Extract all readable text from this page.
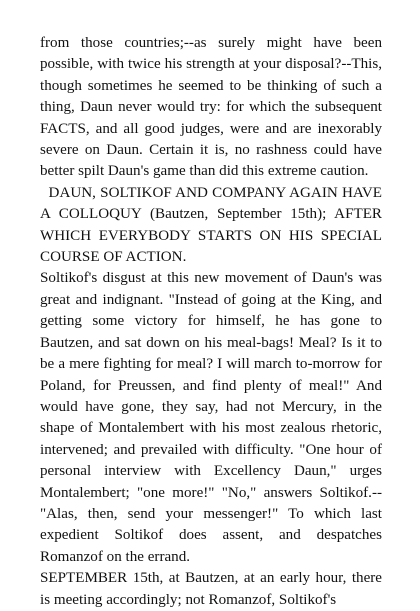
from those countries;--as surely might have been possible, with twice his strength at your disposal?--This, though sometimes he seemed to be thinking of such a thing, Daun never would try: for which the subsequent FACTS, and all good judges, were and are inexorably severe on Daun. Certain it is, no rashness could have better spilt Daun's game than did this extreme caution.

DAUN, SOLTIKOF AND COMPANY AGAIN HAVE A COLLOQUY (Bautzen, September 15th); AFTER WHICH EVERYBODY STARTS ON HIS SPECIAL COURSE OF ACTION.

Soltikof's disgust at this new movement of Daun's was great and indignant. "Instead of going at the King, and getting some victory for himself, he has gone to Bautzen, and sat down on his meal-bags! Meal? Is it to be a mere fighting for meal? I will march to-morrow for Poland, for Preussen, and find plenty of meal!" And would have gone, they say, had not Mercury, in the shape of Montalembert with his most zealous rhetoric, intervened; and prevailed with difficulty. "One hour of personal interview with Excellency Daun," urges Montalembert; "one more!" "No," answers Soltikof.--"Alas, then, send your messenger!" To which last expedient Soltikof does assent, and despatches Romanzof on the errand.

SEPTEMBER 15th, at Bautzen, at an early hour, there is meeting accordingly; not Romanzof, Soltikof's
